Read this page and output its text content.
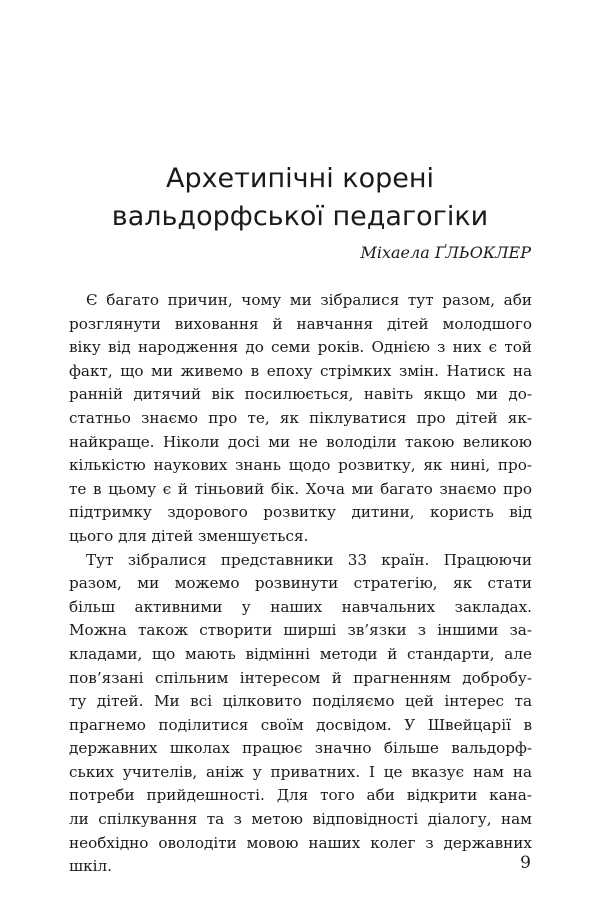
Архетипічні корені
вальдорфської педагогіки
Міхаела ҐЛЬОКЛЕР
Є багато причин, чому ми зібралися тут разом, аби
розглянути виховання й навчання дітей молодшого
віку від народження до семи років. Однією з них є той
факт, що ми живемо в епоху стрімких змін. Натиск на
ранній дитячий вік посилюється, навіть якщо ми до-
статньо знаємо про те, як піклуватися про дітей як-
найкраще. Ніколи досі ми не володіли такою великою
кількістю наукових знань щодо розвитку, як нині, про-
те в цьому є й тіньовий бік. Хоча ми багато знаємо про
підтримку здорового розвитку дитини, користь від
цього для дітей зменшується.
Тут зібралися представники 33 країн. Працюючи
разом, ми можемо розвинути стратегію, як стати
більш активними у наших навчальних закладах.
Можна також створити ширші зв’язки з іншими за-
кладами, що мають відмінні методи й стандарти, але
пов’язані спільним інтересом й прагненням добробу-
ту дітей. Ми всі цілковито поділяємо цей інтерес та
прагнемо поділитися своїм досвідом. У Швейцарії в
державних школах працює значно більше вальдорф-
ських учителів, аніж у приватних. І це вказує нам на
потреби прийдешності. Для того аби відкрити кана-
ли спілкування та з метою відповідності діалогу, нам
необхідно оволодіти мовою наших колег з державних
шкіл.	9
